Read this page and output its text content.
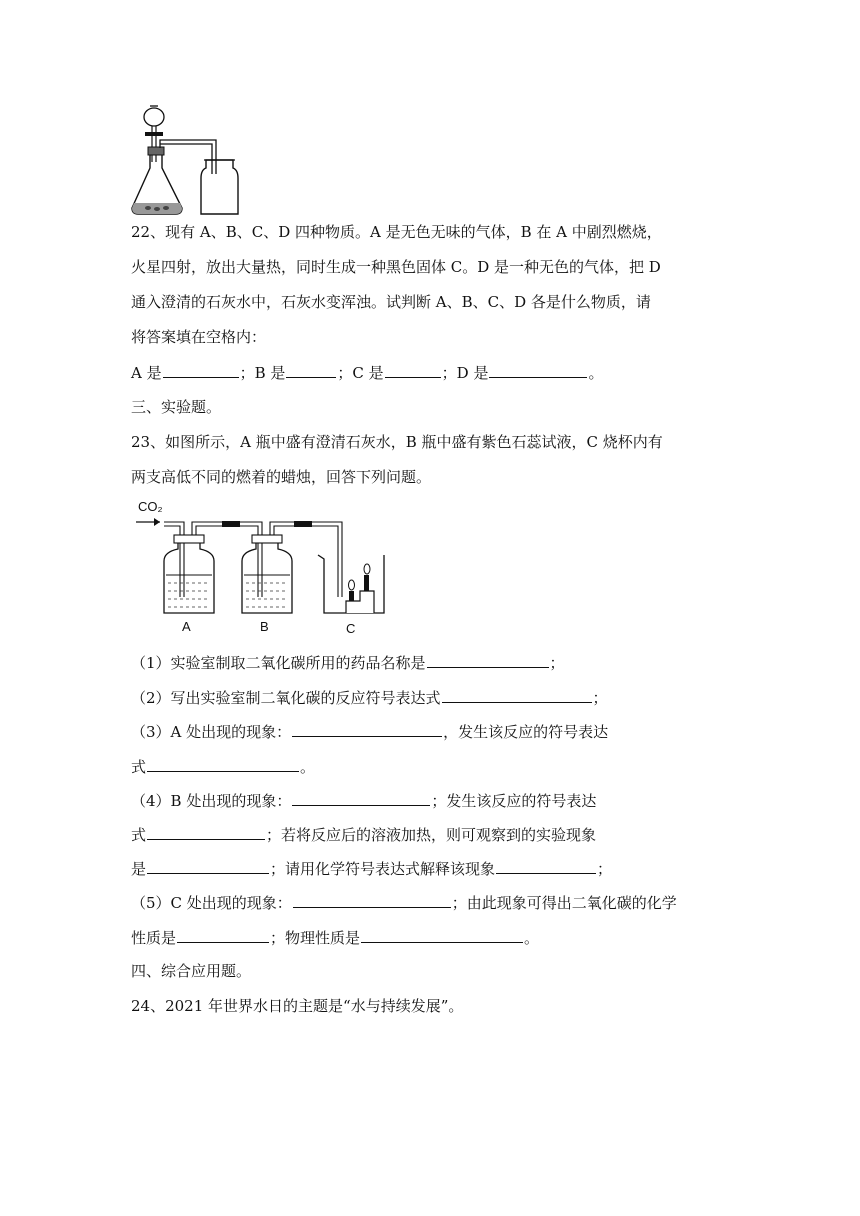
22、现有 A、B、C、D 四种物质。A 是无色无味的气体，B 在 A 中剧烈燃烧，
火星四射，放出大量热，同时生成一种黑色固体 C。D 是一种无色的气体，把 D
通入澄清的石灰水中，石灰水变浑浊。试判断 A、B、C、D 各是什么物质，请
将答案填在空格内：
A 是	；B 是	；C 是	；D 是	。
三、实验题。
23、如图所示，A 瓶中盛有澄清石灰水，B 瓶中盛有紫色石蕊试液，C 烧杯内有
两支高低不同的燃着的蜡烛，回答下列问题。
CO₂
A	B	C
（1）实验室制取二氧化碳所用的药品名称是	；
（2）写出实验室制二氧化碳的反应符号表达式	；
（3）A 处出现的现象：	，发生该反应的符号表达
式	。
（4）B 处出现的现象：	；发生该反应的符号表达
式	；若将反应后的溶液加热，则可观察到的实验现象
是	；请用化学符号表达式解释该现象	；
（5）C 处出现的现象：	；由此现象可得出二氧化碳的化学
性质是	；物理性质是	。
四、综合应用题。
24、2021 年世界水日的主题是“水与持续发展”。
